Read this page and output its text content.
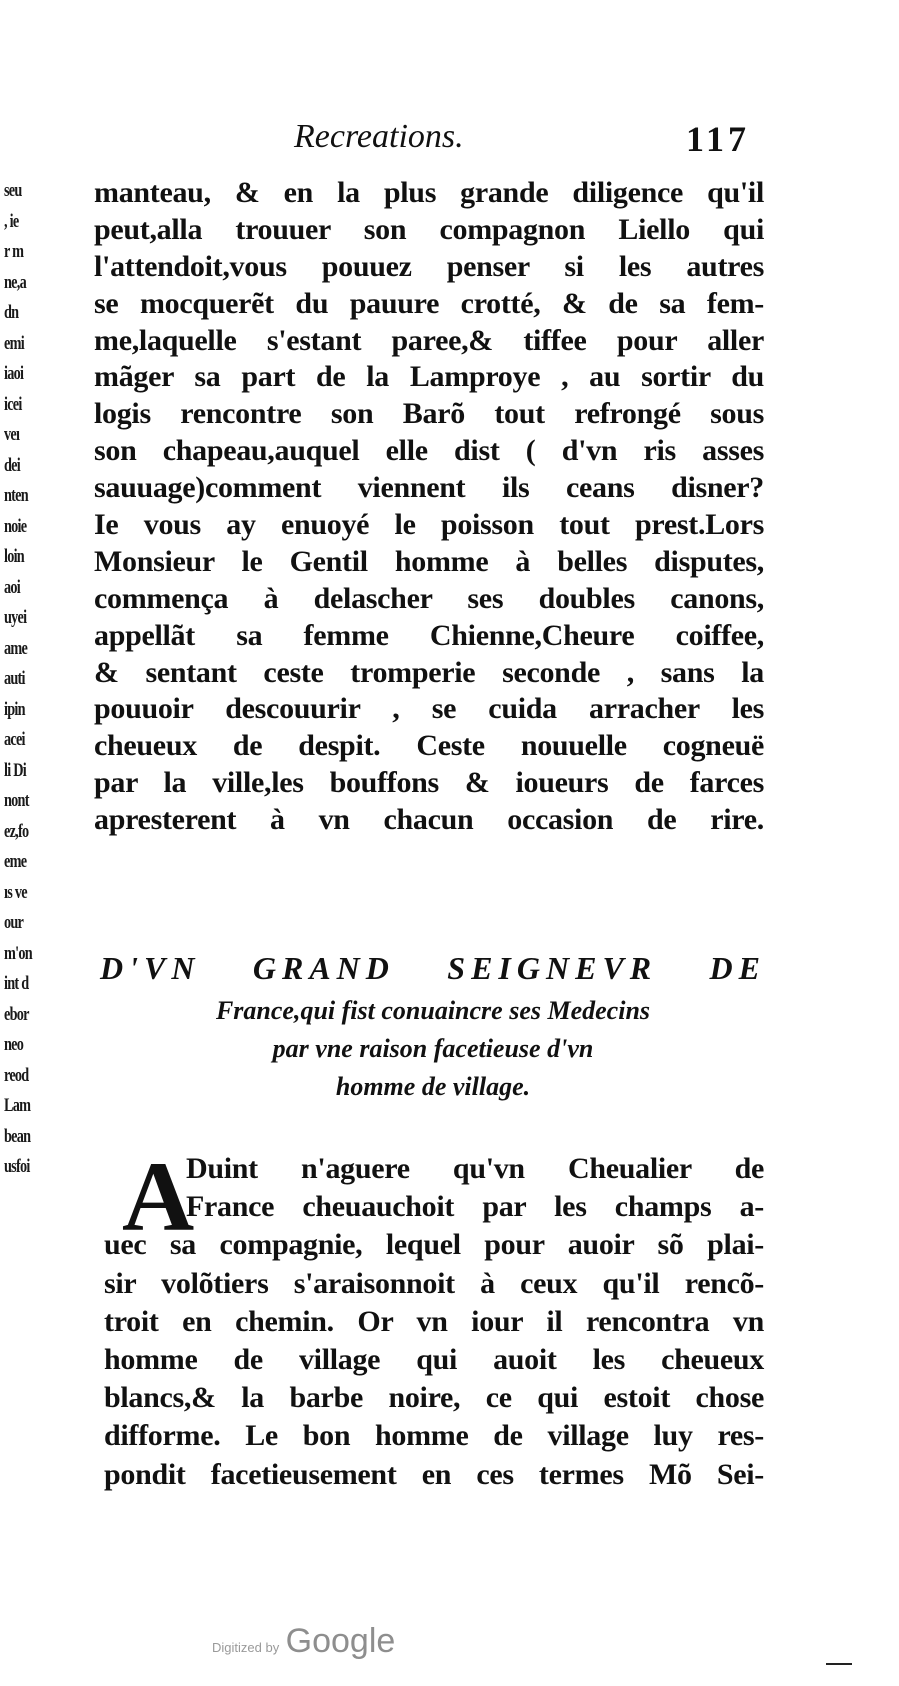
seu
, ie
r m
ne,a
dn
emi
iaoi
icei
veı
dei
nten
noie
loin
aoi
uyei
ame
auti
ipin
acei
li Di
nont
ez,fo
eme
ıs ve
our
m'on
int d
ebor
neo
reod
Lam
bean
usfoi
Recreations.	117
manteau, & en la plus grande diligence qu'il
peut,alla trouuer son compagnon Liello qui
l'attendoit,vous pouuez penser si les autres
se mocquerẽt du pauure crotté, & de sa fem-
me,laquelle s'estant paree,& tiffee pour aller
mãger sa part de la Lamproye , au sortir du
logis rencontre son Barõ tout refrongé sous
son chapeau,auquel elle dist ( d'vn ris asses
sauuage)comment viennent ils ceans disner?
Ie vous ay enuoyé le poisson tout prest.Lors
Monsieur le Gentil homme à belles disputes,
commença à delascher ses doubles canons,
appellãt sa femme Chienne,Cheure coiffee,
& sentant ceste tromperie seconde , sans la
pouuoir descouurir , se cuida arracher les
cheueux de despit. Ceste nouuelle cogneuë
par la ville,les bouffons & ioueurs de farces
apresterent à vn chacun occasion de rire.
D'VN GRAND SEIGNEVR DE
France,qui fist conuaincre ses Medecins
par vne raison facetieuse d'vn
homme de village.
A
Duint n'aguere qu'vn Cheualier de
France cheuauchoit par les champs a-
uec sa compagnie, lequel pour auoir sõ plai-
sir volõtiers s'araisonnoit à ceux qu'il rencõ-
troit en chemin. Or vn iour il rencontra vn
homme de village qui auoit les cheueux
blancs,& la barbe noire, ce qui estoit chose
difforme. Le bon homme de village luy res-
pondit facetieusement en ces termes Mõ Sei-
Digitized by Google
